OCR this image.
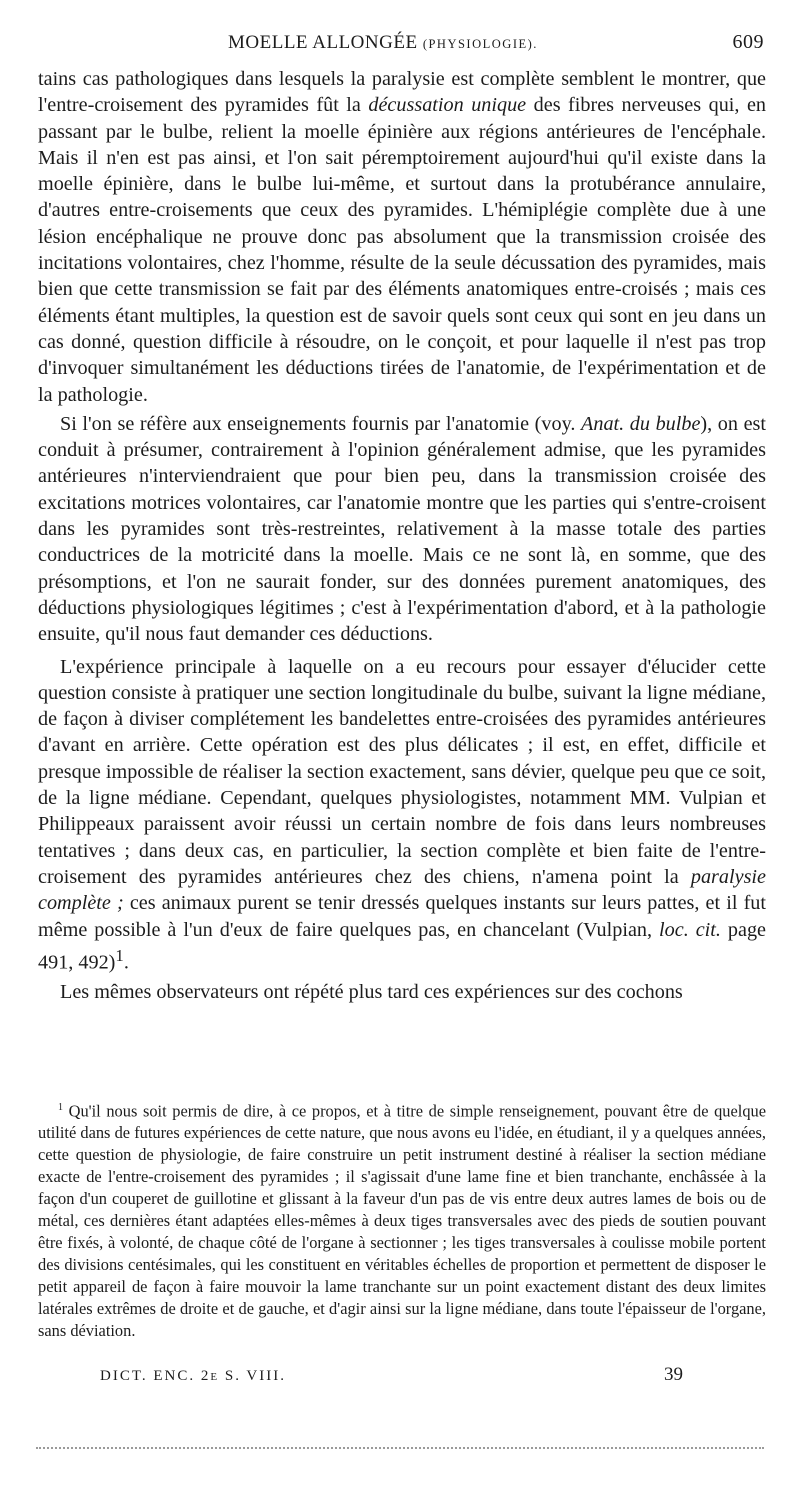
MOELLE ALLONGÉE (PHYSIOLOGIE).	609

tains cas pathologiques dans lesquels la paralysie est complète semblent le montrer, que l'entre-croisement des pyramides fût la décussation unique des fibres nerveuses qui, en passant par le bulbe, relient la moelle épinière aux régions antérieures de l'encéphale. Mais il n'en est pas ainsi, et l'on sait péremptoirement aujourd'hui qu'il existe dans la moelle épinière, dans le bulbe lui-même, et surtout dans la protubérance annulaire, d'autres entre-croisements que ceux des pyramides. L'hémiplégie complète due à une lésion encéphalique ne prouve donc pas absolument que la transmission croisée des incitations volontaires, chez l'homme, résulte de la seule décussation des pyramides, mais bien que cette transmission se fait par des éléments anatomiques entre-croisés ; mais ces éléments étant multiples, la question est de savoir quels sont ceux qui sont en jeu dans un cas donné, question difficile à résoudre, on le conçoit, et pour laquelle il n'est pas trop d'invoquer simultanément les déductions tirées de l'anatomie, de l'expérimentation et de la pathologie.

Si l'on se réfère aux enseignements fournis par l'anatomie (voy. Anat. du bulbe), on est conduit à présumer, contrairement à l'opinion généralement admise, que les pyramides antérieures n'interviendraient que pour bien peu, dans la transmission croisée des excitations motrices volontaires, car l'anatomie montre que les parties qui s'entre-croisent dans les pyramides sont très-restreintes, relativement à la masse totale des parties conductrices de la motricité dans la moelle. Mais ce ne sont là, en somme, que des présomptions, et l'on ne saurait fonder, sur des données purement anatomiques, des déductions physiologiques légitimes ; c'est à l'expérimentation d'abord, et à la pathologie ensuite, qu'il nous faut demander ces déductions.

L'expérience principale à laquelle on a eu recours pour essayer d'élucider cette question consiste à pratiquer une section longitudinale du bulbe, suivant la ligne médiane, de façon à diviser complétement les bandelettes entre-croisées des pyramides antérieures d'avant en arrière. Cette opération est des plus délicates ; il est, en effet, difficile et presque impossible de réaliser la section exactement, sans dévier, quelque peu que ce soit, de la ligne médiane. Cependant, quelques physiologistes, notamment MM. Vulpian et Philippeaux paraissent avoir réussi un certain nombre de fois dans leurs nombreuses tentatives ; dans deux cas, en particulier, la section complète et bien faite de l'entre-croisement des pyramides antérieures chez des chiens, n'amena point la paralysie complète ; ces animaux purent se tenir dressés quelques instants sur leurs pattes, et il fut même possible à l'un d'eux de faire quelques pas, en chancelant (Vulpian, loc. cit. page 491, 492)$^1$.

Les mêmes observateurs ont répété plus tard ces expériences sur des cochons

$^1$ Qu'il nous soit permis de dire, à ce propos, et à titre de simple renseignement, pouvant être de quelque utilité dans de futures expériences de cette nature, que nous avons eu l'idée, en étudiant, il y a quelques années, cette question de physiologie, de faire construire un petit instrument destiné à réaliser la section médiane exacte de l'entre-croisement des pyramides ; il s'agissait d'une lame fine et bien tranchante, enchâssée à la façon d'un couperet de guillotine et glissant à la faveur d'un pas de vis entre deux autres lames de bois ou de métal, ces dernières étant adaptées elles-mêmes à deux tiges transversales avec des pieds de soutien pouvant être fixés, à volonté, de chaque côté de l'organe à sectionner ; les tiges transversales à coulisse mobile portent des divisions centésimales, qui les constituent en véritables échelles de proportion et permettent de disposer le petit appareil de façon à faire mouvoir la lame tranchante sur un point exactement distant des deux limites latérales extrêmes de droite et de gauche, et d'agir ainsi sur la ligne médiane, dans toute l'épaisseur de l'organe, sans déviation.

DICT. ENC. 2e S. VIII.	39
